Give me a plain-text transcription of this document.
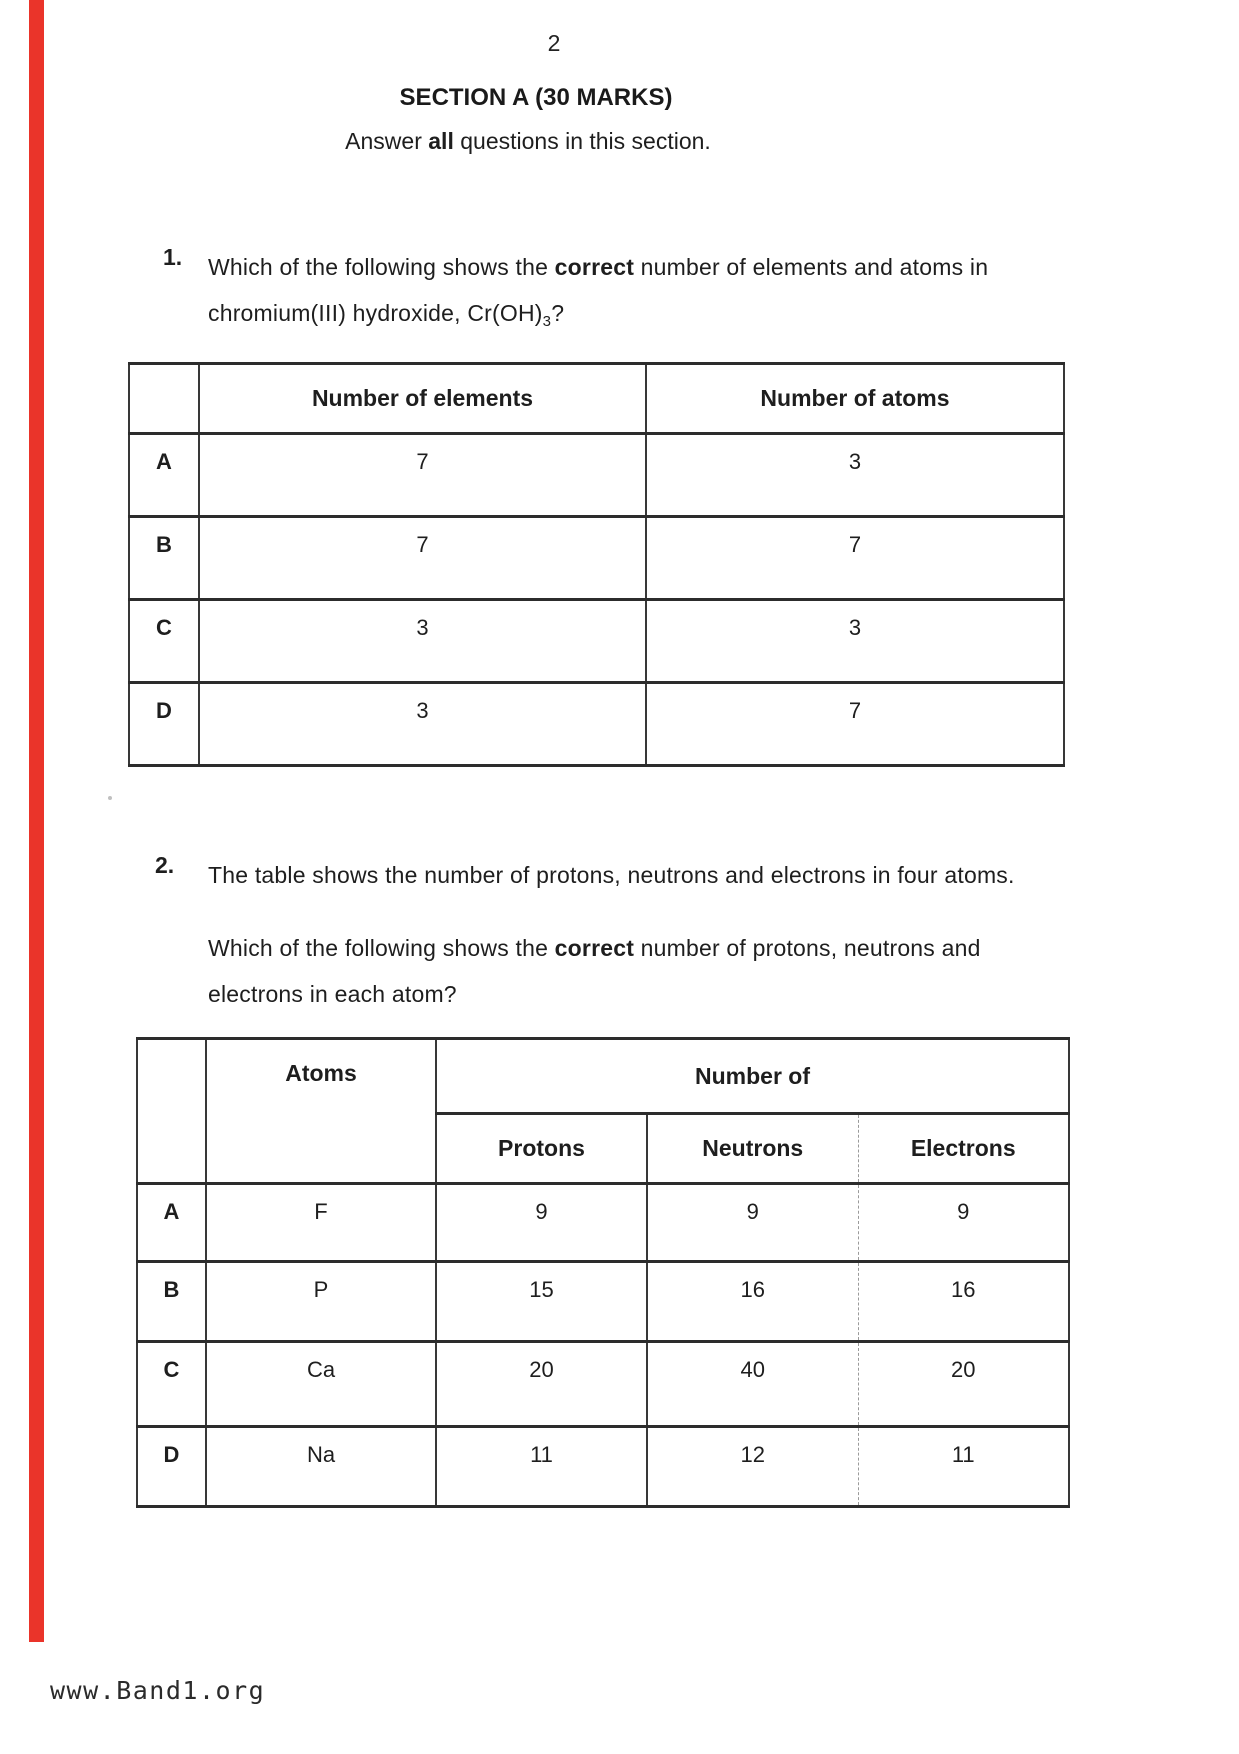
2
SECTION A (30 MARKS)
Answer all questions in this section.
1. Which of the following shows the correct number of elements and atoms in
chromium(III) hydroxide, $Cr(OH)_3$?
	Number of elements	Number of atoms
A	7	3
B	7	7
C	3	3
D	3	7
2. The table shows the number of protons, neutrons and electrons in four atoms.
Which of the following shows the correct number of protons, neutrons and
electrons in each atom?
	Atoms	Number of		
		Protons	Neutrons	Electrons
A	F	9	9	9
B	P	15	16	16
C	Ca	20	40	20
D	Na	11	12	11
www.Band1.org
